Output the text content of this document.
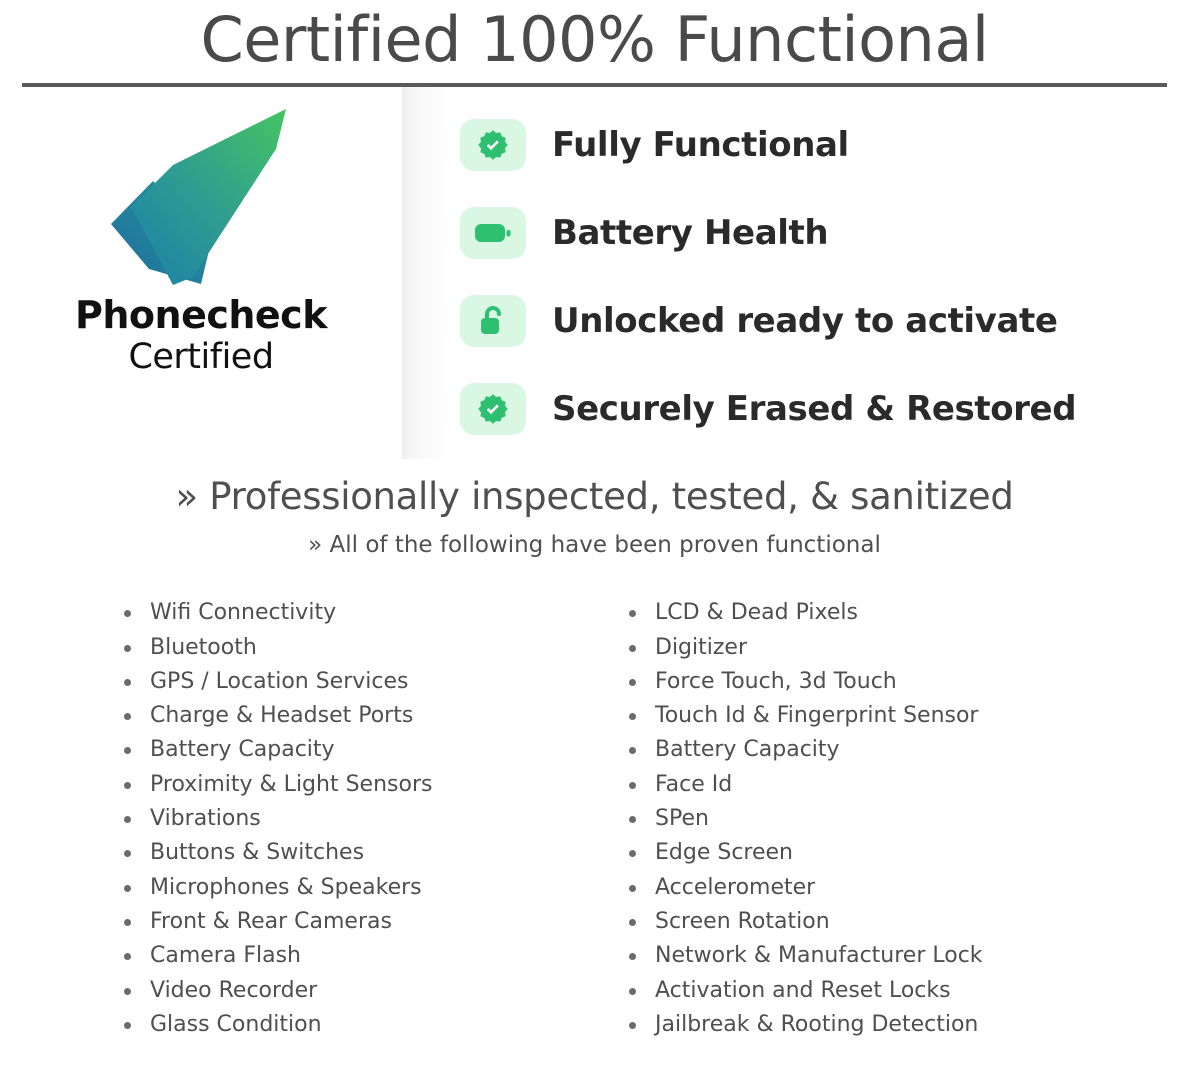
Certified 100% Functional
Phonecheck
Certified
Fully Functional
Battery Health
Unlocked ready to activate
Securely Erased & Restored
» Professionally inspected, tested, & sanitized
» All of the following have been proven functional
Wifi Connectivity
Bluetooth
GPS / Location Services
Charge & Headset Ports
Battery Capacity
Proximity & Light Sensors
Vibrations
Buttons & Switches
Microphones & Speakers
Front & Rear Cameras
Camera Flash
Video Recorder
Glass Condition
LCD & Dead Pixels
Digitizer
Force Touch, 3d Touch
Touch Id & Fingerprint Sensor
Battery Capacity
Face Id
SPen
Edge Screen
Accelerometer
Screen Rotation
Network & Manufacturer Lock
Activation and Reset Locks
Jailbreak & Rooting Detection
